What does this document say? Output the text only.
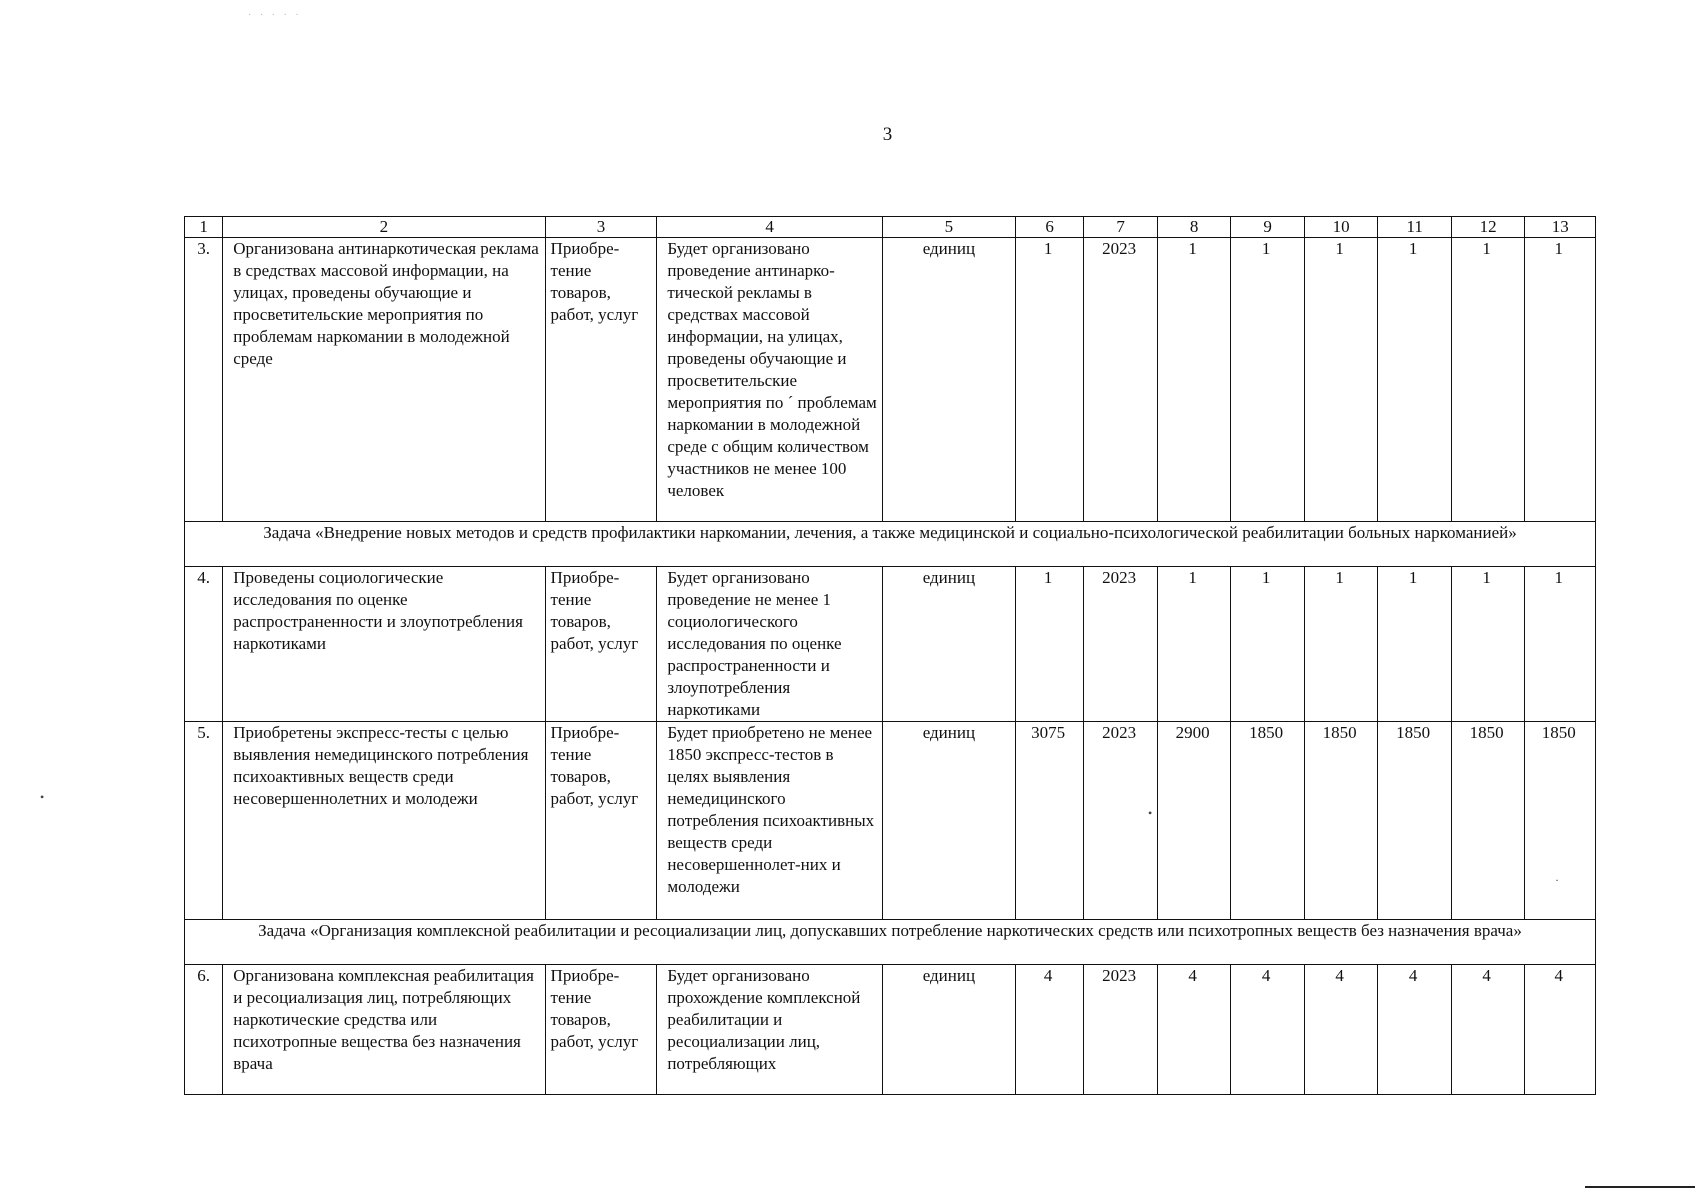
· · · · ·
3
1	2	3	4	5	6	7	8	9	10	11	12	13
3.	Организована антинаркотическая реклама в средствах массовой информации, на улицах, проведены обучающие и просветительские мероприятия по проблемам наркомании в молодежной среде	Приобре-тение товаров, работ, услуг	Будет организовано проведение антинарко-тической рекламы в средствах массовой информации, на улицах, проведены обучающие и просветительские мероприятия по ´ проблемам наркомании в молодежной среде с общим количеством участников не менее 100 человек	единиц	1	2023	1	1	1	1	1	1
Задача «Внедрение новых методов и средств профилактики наркомании, лечения, а также медицинской и социально-психологической реабилитации больных наркоманией»												
4.	Проведены социологические исследования по оценке распространенности и злоупотребления наркотиками	Приобре-тение товаров, работ, услуг	Будет организовано проведение не менее 1 социологического исследования по оценке распространенности и злоупотребления наркотиками	единиц	1	2023	1	1	1	1	1	1
5.	Приобретены экспресс-тесты с целью выявления немедицинского потребления психоактивных веществ среди несовершеннолетних и молодежи	Приобре-тение товаров, работ, услуг	Будет приобретено не менее 1850 экспресс-тестов в целях выявления немедицинского потребления психоактивных веществ среди несовершеннолет-них и молодежи	единиц	3075	2023	2900	1850	1850	1850	1850	1850
Задача «Организация комплексной реабилитации и ресоциализации лиц, допускавших потребление наркотических средств или психотропных веществ без назначения врача»												
6.	Организована комплексная реабилитация и ресоциализация лиц, потребляющих наркотические средства или психотропные вещества без назначения врача	Приобре-тение товаров, работ, услуг	Будет организовано прохождение комплексной реабилитации и ресоциализации лиц, потребляющих	единиц	4	2023	4	4	4	4	4	4
•
•
·
